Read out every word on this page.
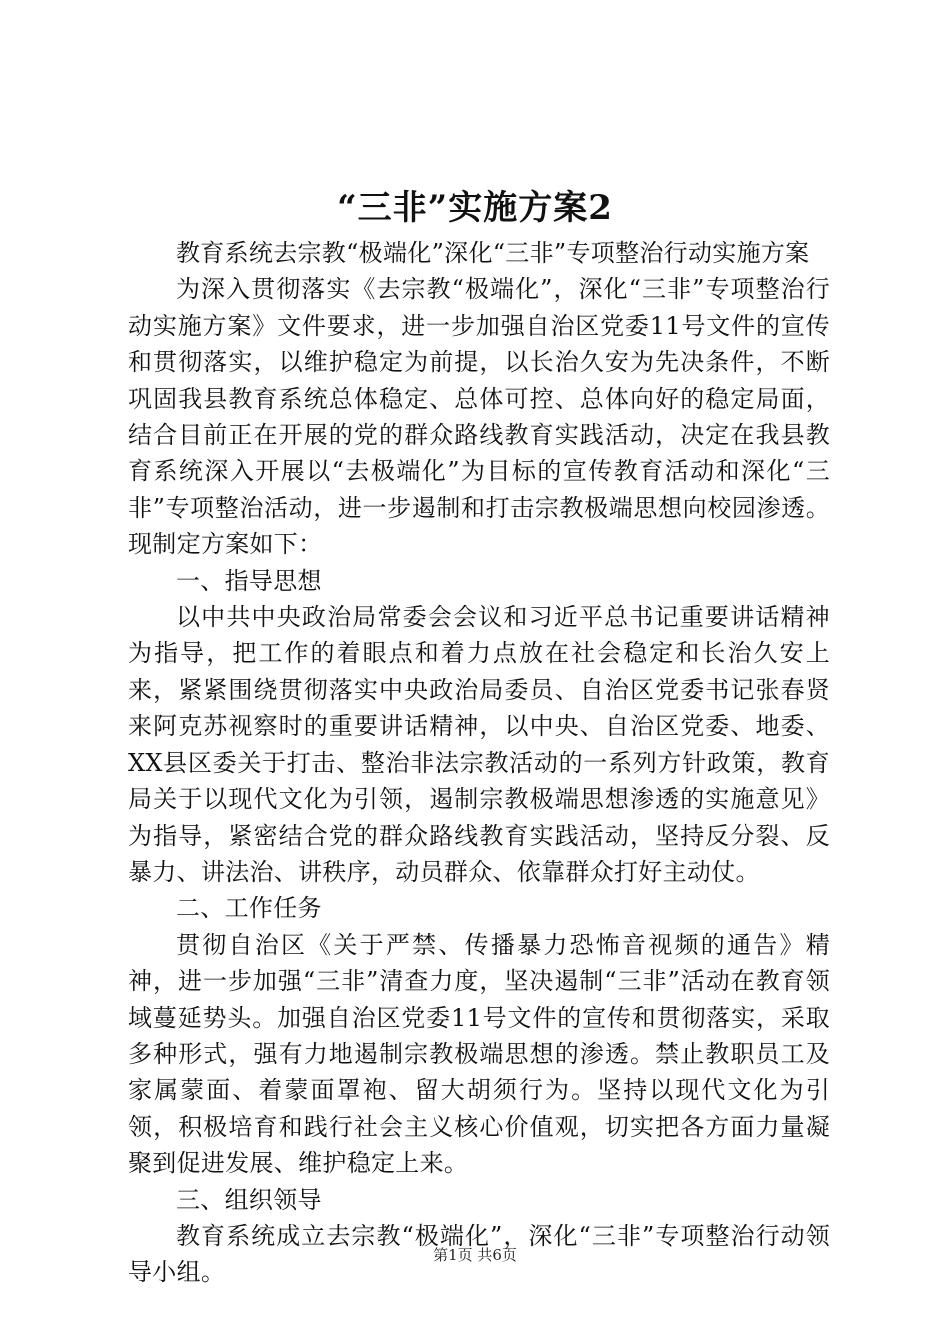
“三非”实施方案2

教育系统去宗教“极端化”深化“三非”专项整治行动实施方案

为深入贯彻落实《去宗教“极端化”，深化“三非”专项整治行动实施方案》文件要求，进一步加强自治区党委11号文件的宣传和贯彻落实，以维护稳定为前提，以长治久安为先决条件，不断巩固我县教育系统总体稳定、总体可控、总体向好的稳定局面，结合目前正在开展的党的群众路线教育实践活动，决定在我县教育系统深入开展以“去极端化”为目标的宣传教育活动和深化“三非”专项整治活动，进一步遏制和打击宗教极端思想向校园渗透。现制定方案如下：

一、指导思想

以中共中央政治局常委会会议和习近平总书记重要讲话精神为指导，把工作的着眼点和着力点放在社会稳定和长治久安上来，紧紧围绕贯彻落实中央政治局委员、自治区党委书记张春贤来阿克苏视察时的重要讲话精神，以中央、自治区党委、地委、XX县区委关于打击、整治非法宗教活动的一系列方针政策，教育局关于以现代文化为引领，遏制宗教极端思想渗透的实施意见》为指导，紧密结合党的群众路线教育实践活动，坚持反分裂、反暴力、讲法治、讲秩序，动员群众、依靠群众打好主动仗。

二、工作任务

贯彻自治区《关于严禁、传播暴力恐怖音视频的通告》精神，进一步加强“三非”清查力度，坚决遏制“三非”活动在教育领域蔓延势头。加强自治区党委11号文件的宣传和贯彻落实，采取多种形式，强有力地遏制宗教极端思想的渗透。禁止教职员工及家属蒙面、着蒙面罩袍、留大胡须行为。坚持以现代文化为引领，积极培育和践行社会主义核心价值观，切实把各方面力量凝聚到促进发展、维护稳定上来。

三、组织领导

教育系统成立去宗教“极端化”，深化“三非”专项整治行动领导小组。

第1页 共6页
